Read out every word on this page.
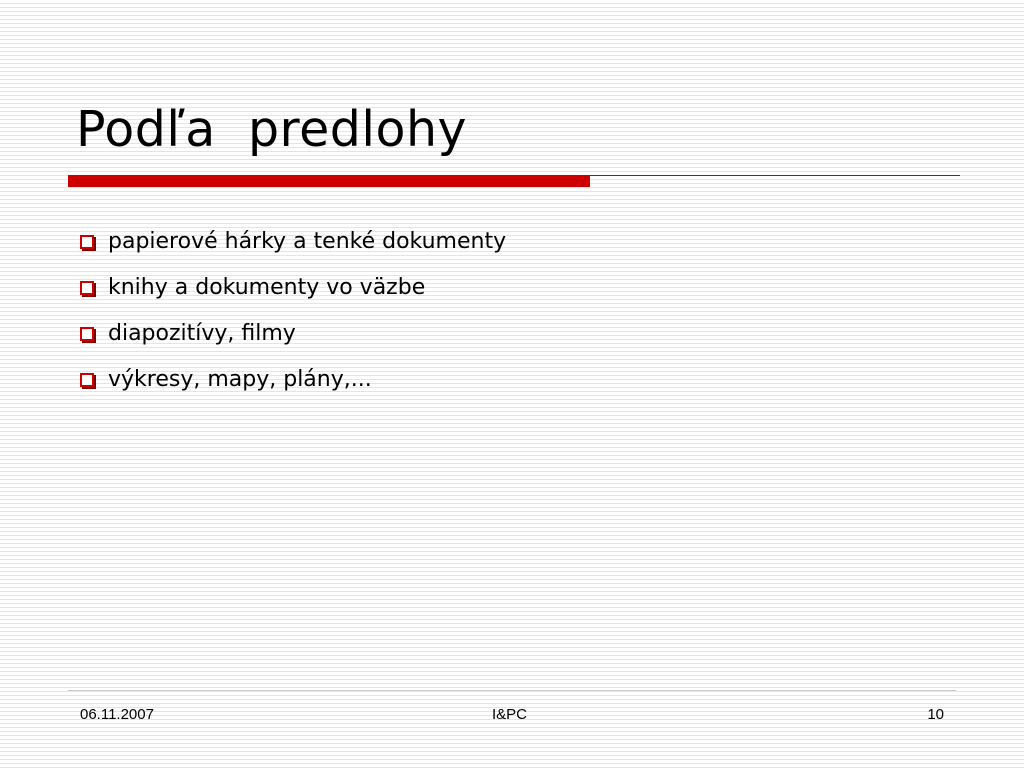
Podľa  predlohy
papierové hárky a tenké dokumenty
knihy a dokumenty vo väzbe
diapozitívy, filmy
výkresy, mapy, plány,...
06.11.2007	I&PC	10
